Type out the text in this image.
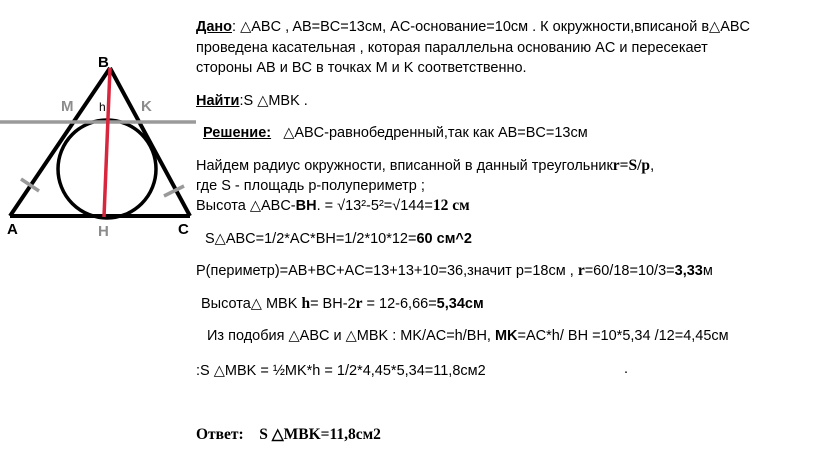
B
M h K
A	H	C
Дано: △ABC , AB=BC=13см, AC-основание=10см . К окружности,вписаной в△ABC
проведена касательная , которая параллельна основанию AC и пересекает
стороны AB и BC в точках M и K соответственно.
Найти:S △MBK .
Решение: △ABC-равнобедренный,так как AB=BC=13см
Найдем радиус окружности, вписанной в данный треугольникr=S/p,
где S - площадь p-полупериметр ;
Высота △ABC-BH. = √13²-5²=√144=12 см
S△ABC=1/2*AC*BH=1/2*10*12=60 см^2
P(периметр)=AB+BC+AC=13+13+10=36,значит p=18см , r=60/18=10/3=3,33м
Высота△ MBK h= BH-2r = 12-6,66=5,34см
Из подобия △ABC и △MBK : MK/AC=h/BH, MK=AC*h/ BH =10*5,34 /12=4,45см
:S △MBK = ½MK*h = 1/2*4,45*5,34=11,8см2	.
Ответ: S △MBK=11,8см2
